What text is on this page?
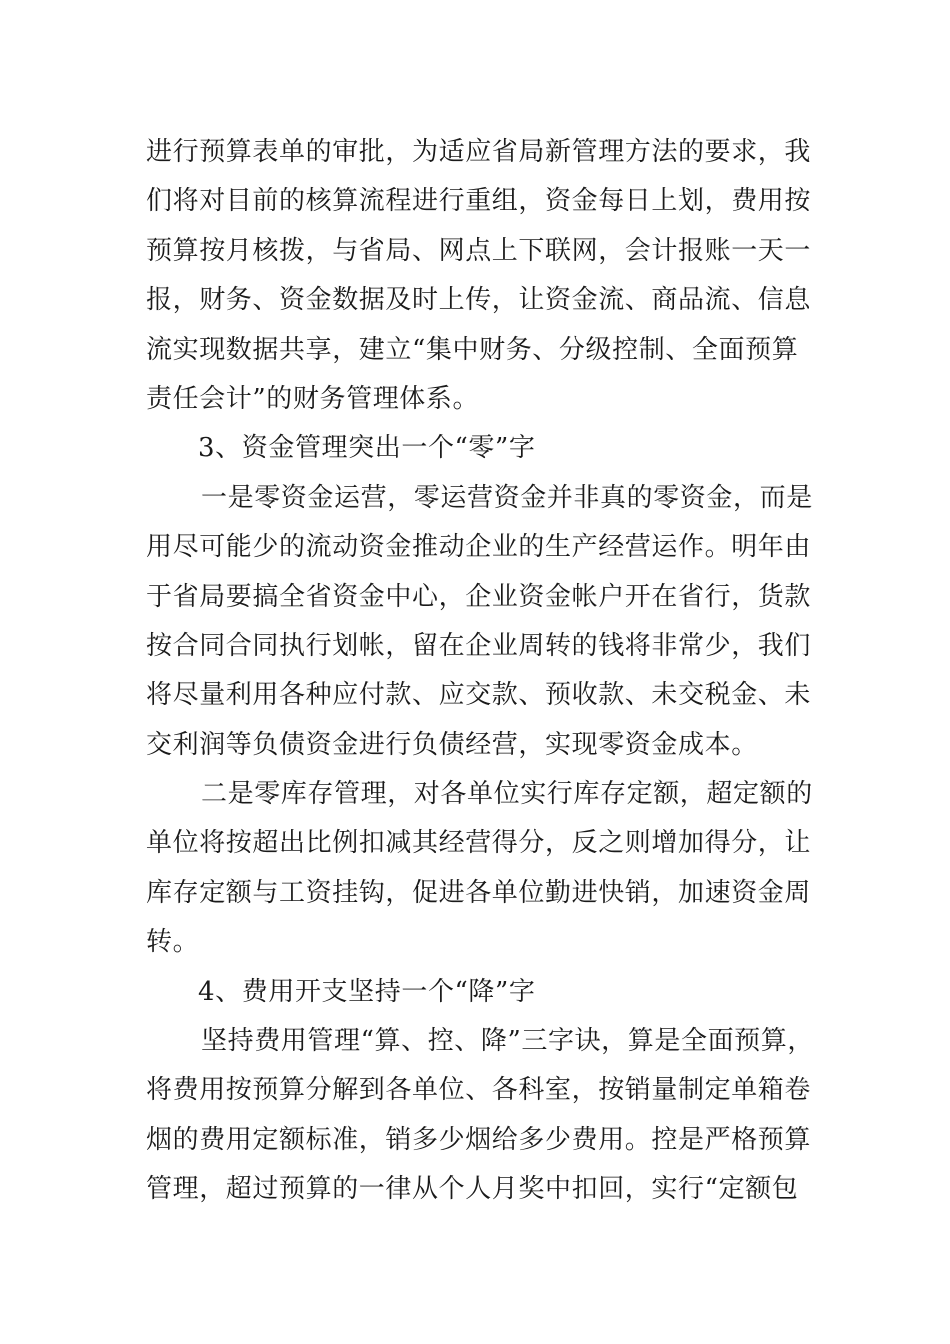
进行预算表单的审批，为适应省局新管理方法的要求，我
们将对目前的核算流程进行重组，资金每日上划，费用按
预算按月核拨，与省局、网点上下联网，会计报账一天一
报，财务、资金数据及时上传，让资金流、商品流、信息
流实现数据共享，建立“集中财务、分级控制、全面预算
责任会计”的财务管理体系。
3、资金管理突出一个“零”字
一是零资金运营，零运营资金并非真的零资金，而是
用尽可能少的流动资金推动企业的生产经营运作。明年由
于省局要搞全省资金中心，企业资金帐户开在省行，货款
按合同合同执行划帐，留在企业周转的钱将非常少，我们
将尽量利用各种应付款、应交款、预收款、未交税金、未
交利润等负债资金进行负债经营，实现零资金成本。
二是零库存管理，对各单位实行库存定额，超定额的
单位将按超出比例扣减其经营得分，反之则增加得分，让
库存定额与工资挂钩，促进各单位勤进快销，加速资金周
转。
4、费用开支坚持一个“降”字
坚持费用管理“算、控、降”三字诀，算是全面预算，
将费用按预算分解到各单位、各科室，按销量制定单箱卷
烟的费用定额标准，销多少烟给多少费用。控是严格预算
管理，超过预算的一律从个人月奖中扣回，实行“定额包
